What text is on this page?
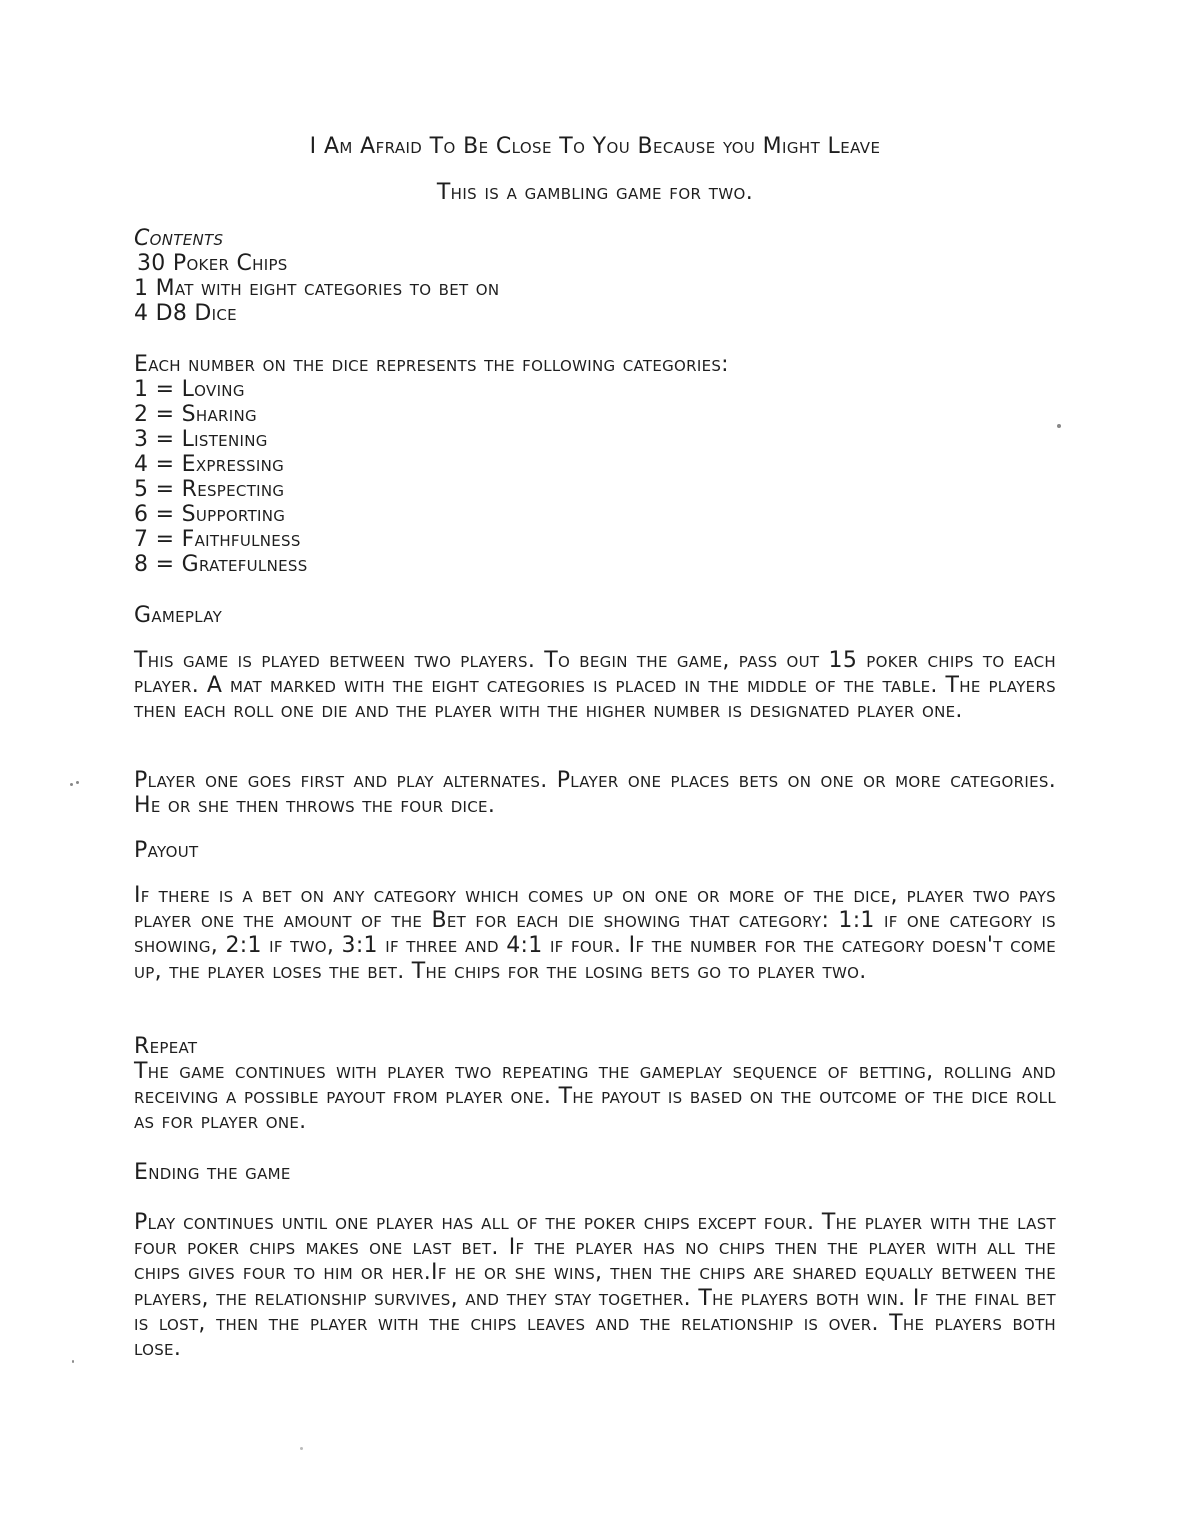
I Am Afraid To Be Close To You Because you Might Leave
This is a gambling game for two.
Contents
30 Poker Chips
1 Mat with eight categories to bet on
4 D8 Dice
Each number on the dice represents the following categories:
1 = Loving
2 = Sharing
3 = Listening
4 = Expressing
5 = Respecting
6 = Supporting
7 = Faithfulness
8 = Gratefulness
Gameplay

This game is played between two players. To begin the game, pass out 15 poker chips to each player. A mat marked with the eight categories is placed in the middle of the table. The players then each roll one die and the player with the higher number is designated player one.

Player one goes first and play alternates. Player one places bets on one or more categories. He or she then throws the four dice.

Payout

If there is a bet on any category which comes up on one or more of the dice, player two pays player one the amount of the Bet for each die showing that category: 1:1 if one category is showing, 2:1 if two, 3:1 if three and 4:1 if four. If the number for the category doesn't come up, the player loses the bet. The chips for the losing bets go to player two.

Repeat

The game continues with player two repeating the gameplay sequence of betting, rolling and receiving a possible payout from player one. The payout is based on the outcome of the dice roll as for player one.

Ending the game

Play continues until one player has all of the poker chips except four. The player with the last four poker chips makes one last bet. If the player has no chips then the player with all the chips gives four to him or her.If he or she wins, then the chips are shared equally between the players, the relationship survives, and they stay together. The players both win. If the final bet is lost, then the player with the chips leaves and the relationship is over. The players both lose.
